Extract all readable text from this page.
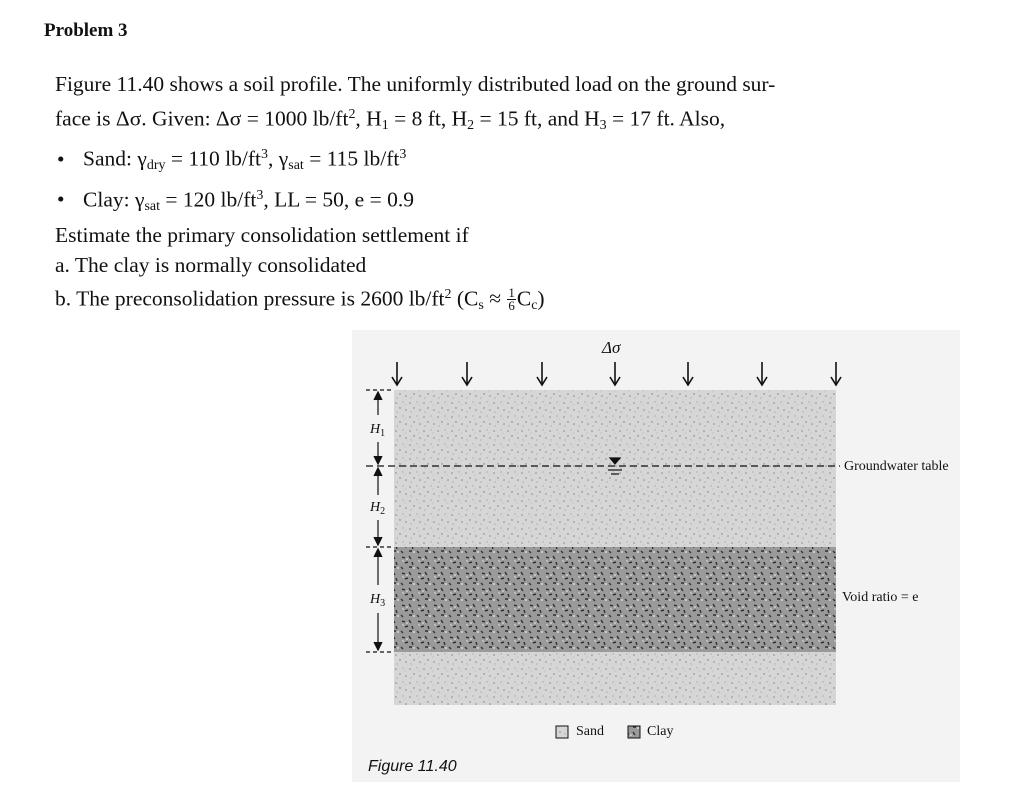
Problem 3

Figure 11.40 shows a soil profile. The uniformly distributed load on the ground sur-

face is Δσ. Given: Δσ = 1000 $lb/ft^2$, $H_1 = 8$ ft, $H_2 = 15$ ft, and $H_3 = 17$ ft. Also,

• Sand: $\gamma_{dry} = 110$ $lb/ft^3$, $\gamma_{sat} = 115$ $lb/ft^3$

• Clay: $\gamma_{sat} = 120$ $lb/ft^3$, LL = 50, e = 0.9

Estimate the primary consolidation settlement if

a. The clay is normally consolidated

b. The preconsolidation pressure is 2600 $lb/ft^2$ $(C_s \approx \frac{1}{6} C_c)$

Δσ
$H_1$
$H_2$
$H_3$
Groundwater table
Void ratio = e
Sand	Clay
Figure 11.40
